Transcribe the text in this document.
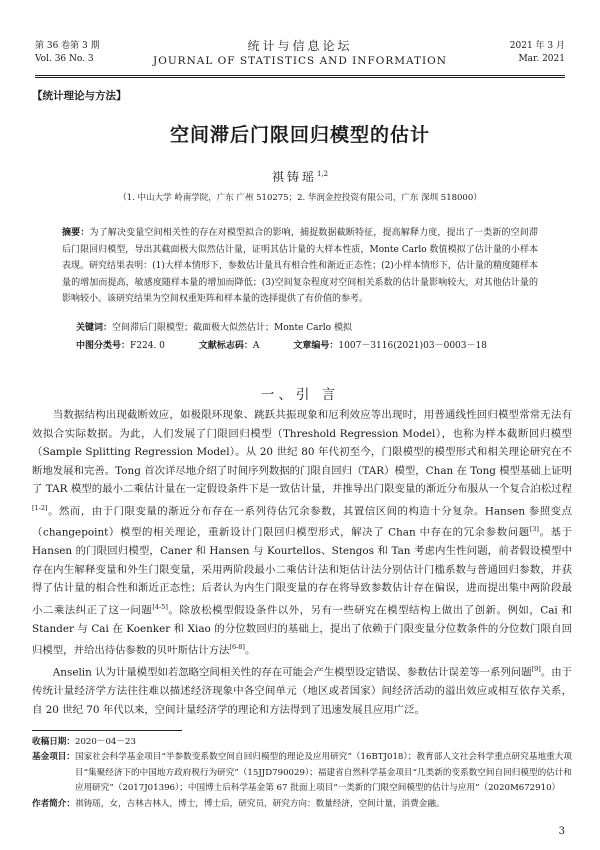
第 36 卷第 3 期
Vol. 36 No. 3
统计与信息论坛
JOURNAL OF STATISTICS AND INFORMATION
2021 年 3 月
Mar. 2021
【统计理论与方法】
空间滞后门限回归模型的估计
祺铸瑶$^{1,2}$
（1. 中山大学 岭南学院，广东 广州 510275；2. 华润金控投资有限公司，广东 深圳 518000）
摘要：为了解决变量空间相关性的存在对模型拟合的影响，捕捉数据截断特征，提高解释力度，提出了一类新的空间滞后门限回归模型，导出其截面极大似然估计量，证明其估计量的大样本性质，Monte Carlo 数值模拟了估计量的小样本表现。研究结果表明：(1)大样本情形下，参数估计量具有相合性和渐近正态性；(2)小样本情形下，估计量的精度随样本量的增加而提高，敏感度随样本量的增加而降低；(3)空间复杂程度对空间相关系数的估计量影响较大，对其他估计量的影响较小。该研究结果为空间权重矩阵和样本量的选择提供了有价值的参考。
关键词：空间滞后门限模型；截面极大似然估计；Monte Carlo 模拟
中图分类号：F224. 0	文献标志码：A	文章编号：1007－3116(2021)03－0003－18
一、引 言

当数据结构出现截断效应，如极限环现象、跳跃共振现象和厄利效应等出现时，用普通线性回归模型常常无法有效拟合实际数据。为此，人们发展了门限回归模型（Threshold Regression Model），也称为样本截断回归模型（Sample Splitting Regression Model）。从 20 世纪 80 年代初至今，门限模型的模型形式和相关理论研究在不断地发展和完善。Tong 首次详尽地介绍了时间序列数据的门限自回归（TAR）模型，Chan 在 Tong 模型基础上证明了 TAR 模型的最小二乘估计量在一定假设条件下是一致估计量，并推导出门限变量的渐近分布服从一个复合泊松过程[1-2]。然而，由于门限变量的渐近分布存在一系列待估冗余参数，其置信区间的构造十分复杂。Hansen 参照变点（changepoint）模型的相关理论，重新设计门限回归模型形式，解决了 Chan 中存在的冗余参数问题[3]。基于 Hansen 的门限回归模型，Caner 和 Hansen 与 Kourtellos、Stengos 和 Tan 考虑内生性问题，前者假设模型中存在内生解释变量和外生门限变量，采用两阶段最小二乘估计法和矩估计法分别估计门槛系数与普通回归参数，并获得了估计量的相合性和渐近正态性；后者认为内生门限变量的存在将导致参数估计存在偏误，进而提出集中两阶段最小二乘法纠正了这一问题[4-5]。除放松模型假设条件以外，另有一些研究在模型结构上做出了创新。例如，Cai 和 Stander 与 Cai 在 Koenker 和 Xiao 的分位数回归的基础上，提出了依赖于门限变量分位数条件的分位数门限自回归模型，并给出待估参数的贝叶斯估计方法[6-8]。

Anselin 认为计量模型如若忽略空间相关性的存在可能会产生模型设定错误、参数估计误差等一系列问题[9]。由于传统计量经济学方法往往难以描述经济现象中各空间单元（地区或者国家）间经济活动的溢出效应或相互依存关系，自 20 世纪 70 年代以来，空间计量经济学的理论和方法得到了迅速发展且应用广泛。

收稿日期： 2020－04－23
基金项目： 国家社会科学基金项目“半参数变系数空间自回归模型的理论及应用研究”（16BTJ018）；教育部人文社会科学重点研究基地重大项目“集聚经济下的中国地方政府税行为研究”（15JJD790029）；福建省自然科学基金项目“几类新的变系数空间自回归模型的估计和应用研究”（2017J01396）；中国博士后科学基金第 67 批面上项目“一类新的门限空间模型的估计与应用”（2020M672910）
作者简介： 祺铸瑶，女，吉林吉林人，博士，博士后，研究员，研究方向：数量经济，空间计量，消费金融。
3
